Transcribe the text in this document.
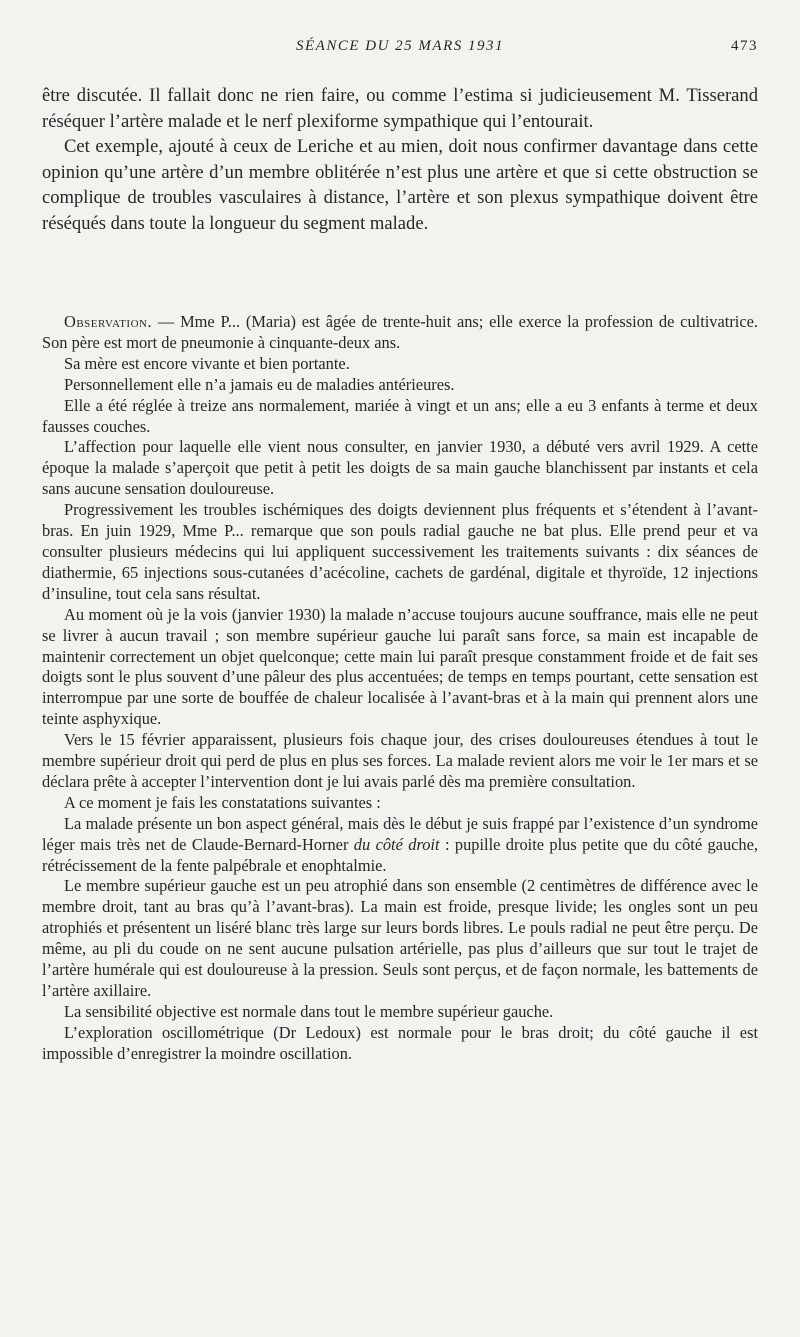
SÉANCE DU 25 MARS 1931	473

être discutée. Il fallait donc ne rien faire, ou comme l’estima si judicieusement M. Tisserand réséquer l’artère malade et le nerf plexiforme sympathique qui l’entourait.

Cet exemple, ajouté à ceux de Leriche et au mien, doit nous confirmer davantage dans cette opinion qu’une artère d’un membre oblitérée n’est plus une artère et que si cette obstruction se complique de troubles vasculaires à distance, l’artère et son plexus sympathique doivent être réséqués dans toute la longueur du segment malade.

Observation. — Mme P... (Maria) est âgée de trente-huit ans; elle exerce la profession de cultivatrice. Son père est mort de pneumonie à cinquante-deux ans.

Sa mère est encore vivante et bien portante.

Personnellement elle n’a jamais eu de maladies antérieures.

Elle a été réglée à treize ans normalement, mariée à vingt et un ans; elle a eu 3 enfants à terme et deux fausses couches.

L’affection pour laquelle elle vient nous consulter, en janvier 1930, a débuté vers avril 1929. A cette époque la malade s’aperçoit que petit à petit les doigts de sa main gauche blanchissent par instants et cela sans aucune sensation douloureuse.

Progressivement les troubles ischémiques des doigts deviennent plus fréquents et s’étendent à l’avant-bras. En juin 1929, Mme P... remarque que son pouls radial gauche ne bat plus. Elle prend peur et va consulter plusieurs médecins qui lui appliquent successivement les traitements suivants : dix séances de diathermie, 65 injections sous-cutanées d’acécoline, cachets de gardénal, digitale et thyroïde, 12 injections d’insuline, tout cela sans résultat.

Au moment où je la vois (janvier 1930) la malade n’accuse toujours aucune souffrance, mais elle ne peut se livrer à aucun travail ; son membre supérieur gauche lui paraît sans force, sa main est incapable de maintenir correctement un objet quelconque; cette main lui paraît presque constamment froide et de fait ses doigts sont le plus souvent d’une pâleur des plus accentuées; de temps en temps pourtant, cette sensation est interrompue par une sorte de bouffée de chaleur localisée à l’avant-bras et à la main qui prennent alors une teinte asphyxique.

Vers le 15 février apparaissent, plusieurs fois chaque jour, des crises douloureuses étendues à tout le membre supérieur droit qui perd de plus en plus ses forces. La malade revient alors me voir le 1er mars et se déclara prête à accepter l’intervention dont je lui avais parlé dès ma première consultation.

A ce moment je fais les constatations suivantes :

La malade présente un bon aspect général, mais dès le début je suis frappé par l’existence d’un syndrome léger mais très net de Claude-Bernard-Horner du côté droit : pupille droite plus petite que du côté gauche, rétrécissement de la fente palpébrale et enophtalmie.

Le membre supérieur gauche est un peu atrophié dans son ensemble (2 centimètres de différence avec le membre droit, tant au bras qu’à l’avant-bras). La main est froide, presque livide; les ongles sont un peu atrophiés et présentent un liséré blanc très large sur leurs bords libres. Le pouls radial ne peut être perçu. De même, au pli du coude on ne sent aucune pulsation artérielle, pas plus d’ailleurs que sur tout le trajet de l’artère humérale qui est douloureuse à la pression. Seuls sont perçus, et de façon normale, les battements de l’artère axillaire.

La sensibilité objective est normale dans tout le membre supérieur gauche.

L’exploration oscillométrique (Dr Ledoux) est normale pour le bras droit; du côté gauche il est impossible d’enregistrer la moindre oscillation.
